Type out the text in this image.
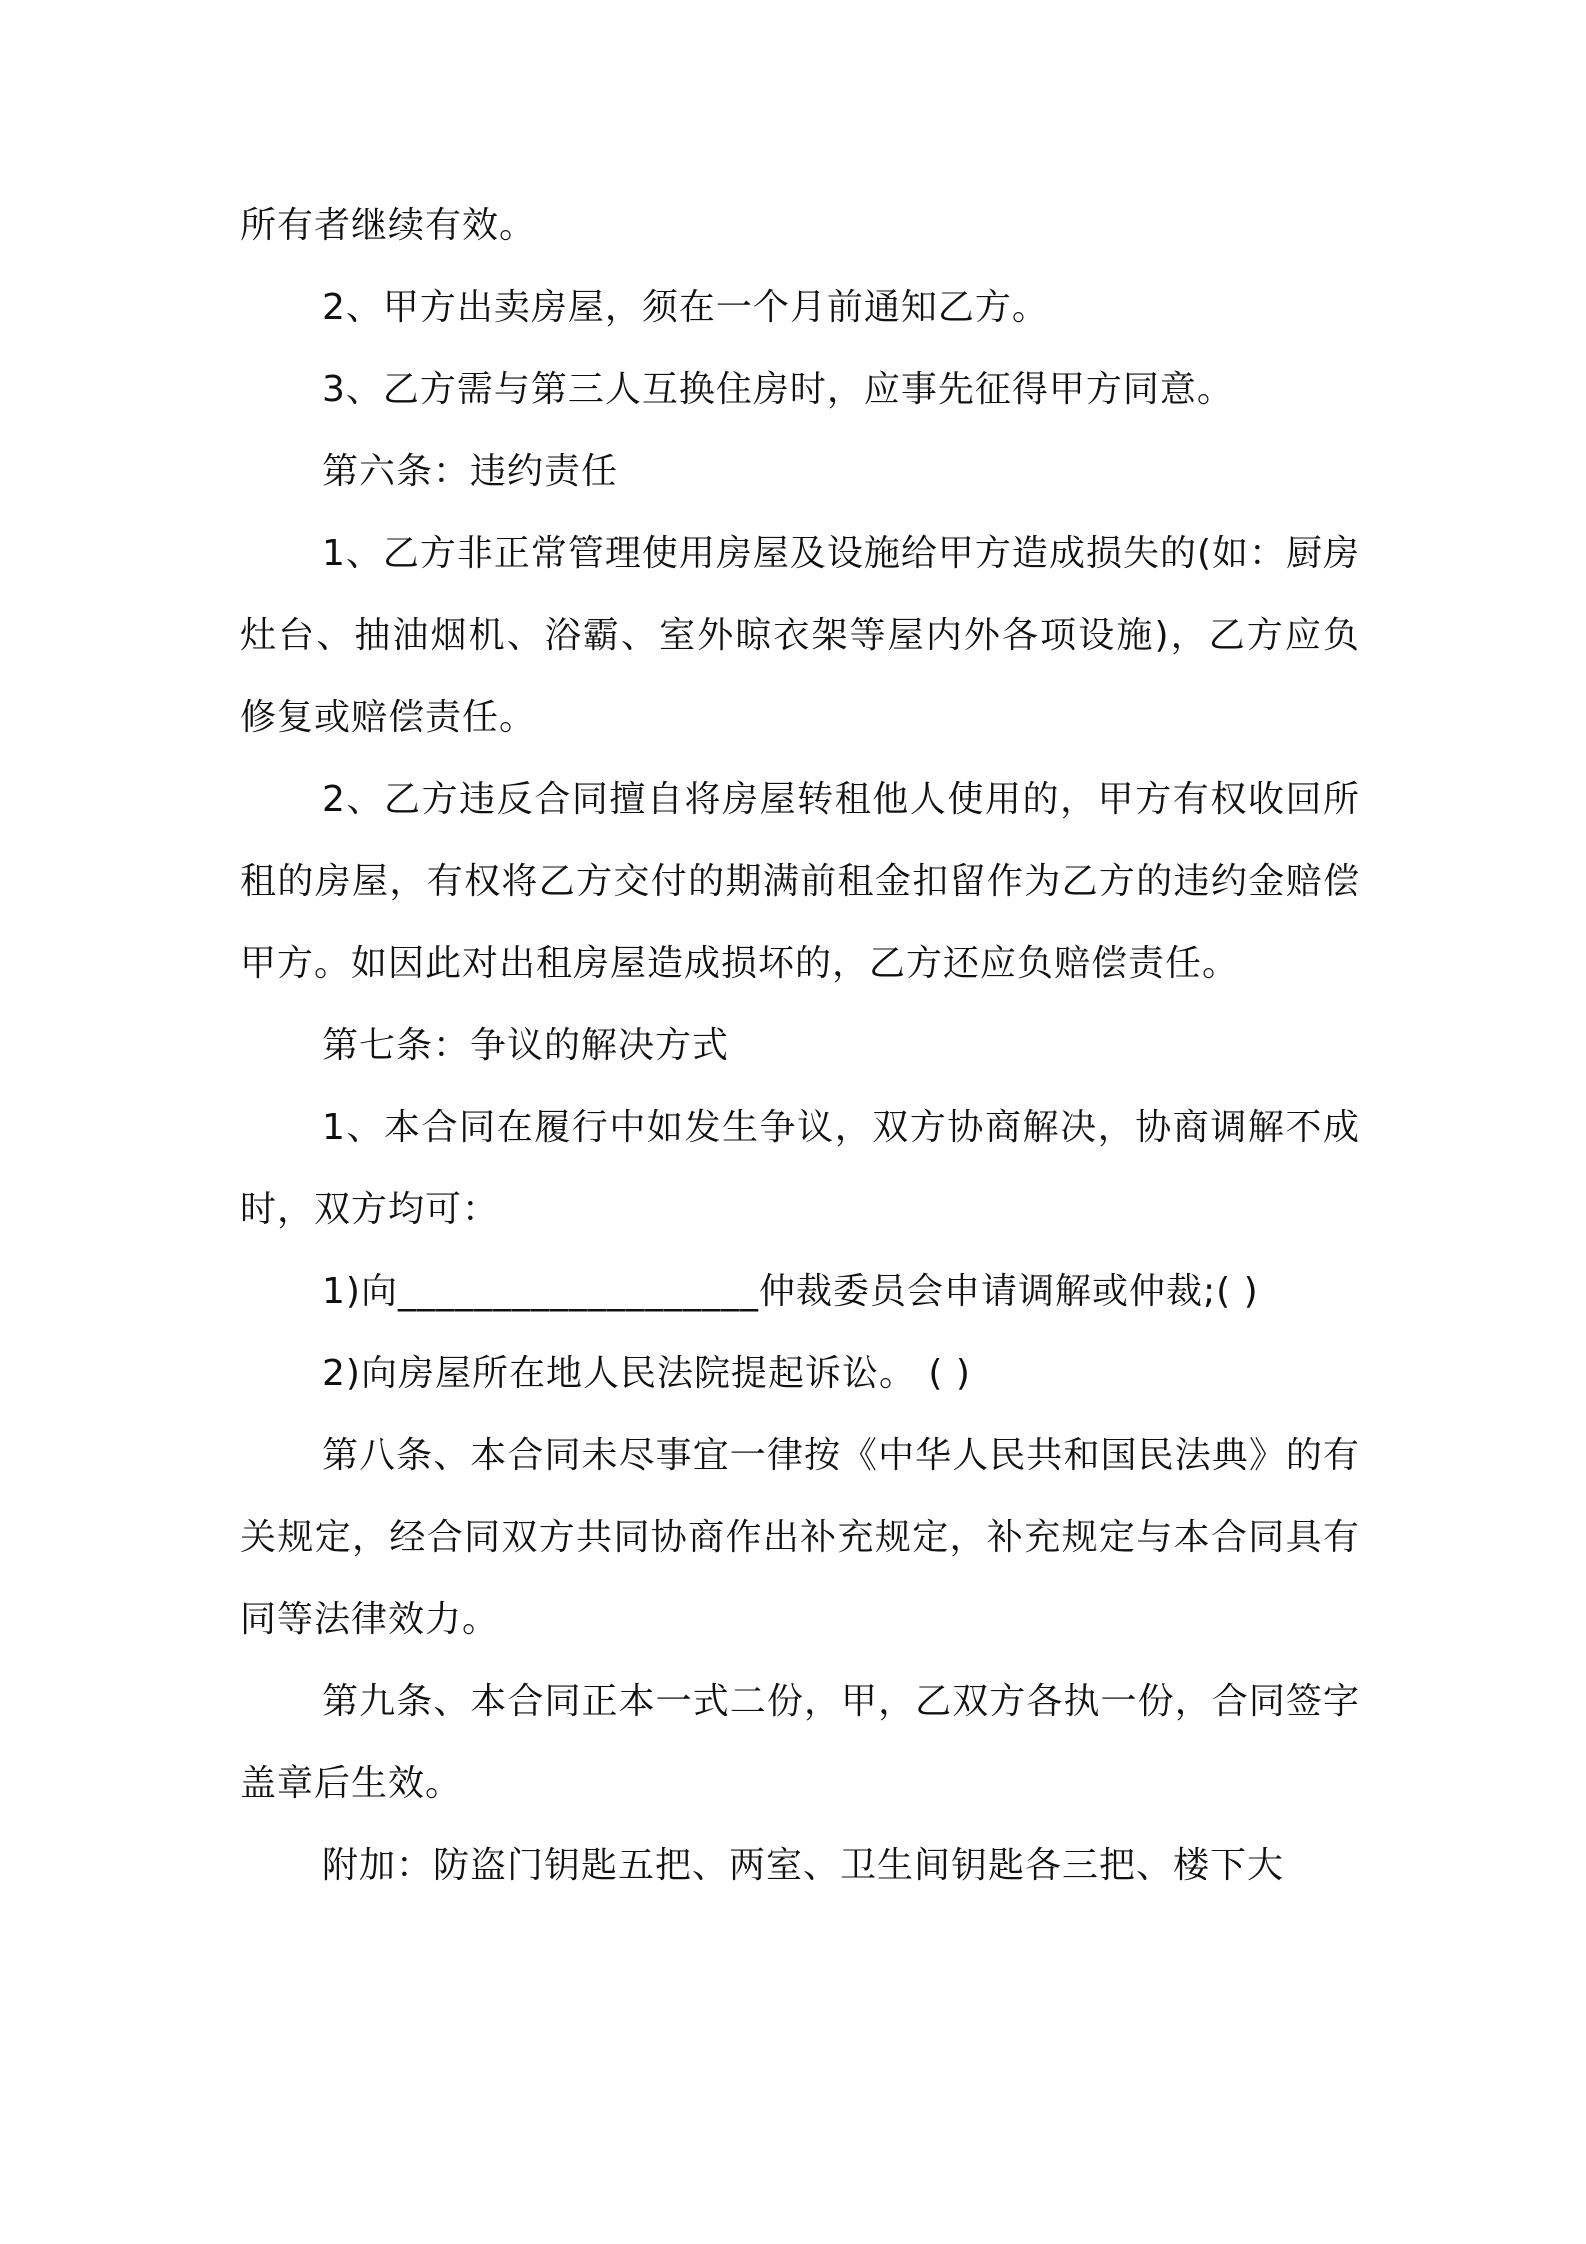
所有者继续有效。

2、甲方出卖房屋，须在一个月前通知乙方。

3、乙方需与第三人互换住房时，应事先征得甲方同意。

第六条：违约责任

1、乙方非正常管理使用房屋及设施给甲方造成损失的(如：厨房灶台、抽油烟机、浴霸、室外晾衣架等屋内外各项设施)，乙方应负修复或赔偿责任。

2、乙方违反合同擅自将房屋转租他人使用的，甲方有权收回所租的房屋，有权将乙方交付的期满前租金扣留作为乙方的违约金赔偿甲方。如因此对出租房屋造成损坏的，乙方还应负赔偿责任。

第七条：争议的解决方式

1、本合同在履行中如发生争议，双方协商解决，协商调解不成时，双方均可：

1)向___________________仲裁委员会申请调解或仲裁;( )

2)向房屋所在地人民法院提起诉讼。 ( )

第八条、本合同未尽事宜一律按《中华人民共和国民法典》的有关规定，经合同双方共同协商作出补充规定，补充规定与本合同具有同等法律效力。

第九条、本合同正本一式二份，甲，乙双方各执一份，合同签字盖章后生效。

附加：防盗门钥匙五把、两室、卫生间钥匙各三把、楼下大
